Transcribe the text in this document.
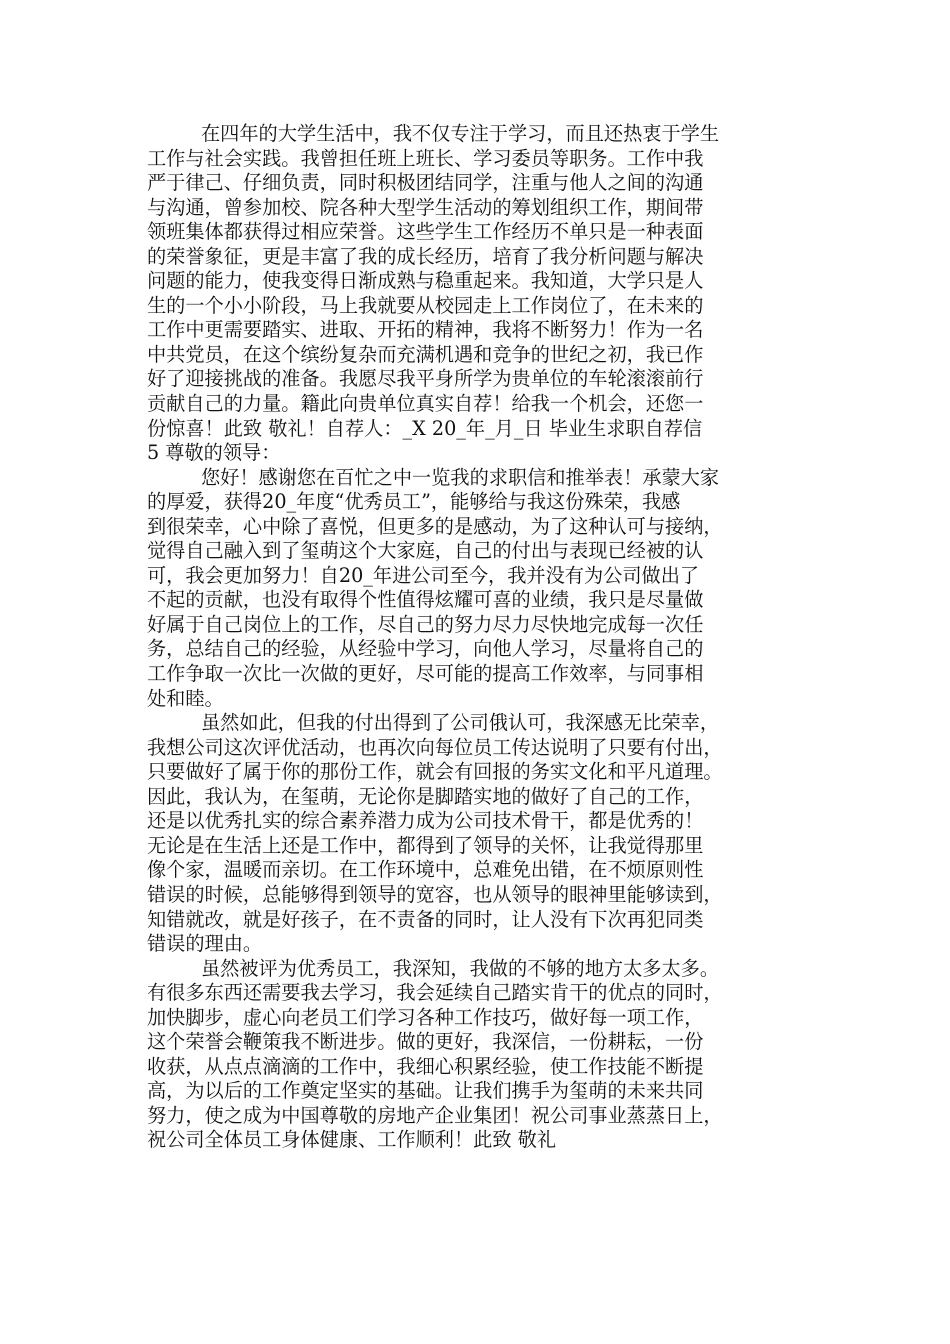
在四年的大学生活中，我不仅专注于学习，而且还热衷于学生
工作与社会实践。我曾担任班上班长、学习委员等职务。工作中我
严于律己、仔细负责，同时积极团结同学，注重与他人之间的沟通
与沟通，曾参加校、院各种大型学生活动的筹划组织工作，期间带
领班集体都获得过相应荣誉。这些学生工作经历不单只是一种表面
的荣誉象征，更是丰富了我的成长经历，培育了我分析问题与解决
问题的能力，使我变得日渐成熟与稳重起来。我知道，大学只是人
生的一个小小阶段，马上我就要从校园走上工作岗位了，在未来的
工作中更需要踏实、进取、开拓的精神，我将不断努力！作为一名
中共党员，在这个缤纷复杂而充满机遇和竞争的世纪之初，我已作
好了迎接挑战的准备。我愿尽我平身所学为贵单位的车轮滚滚前行
贡献自己的力量。籍此向贵单位真实自荐！给我一个机会，还您一
份惊喜！此致 敬礼！自荐人：_X 20_年_月_日 毕业生求职自荐信
5 尊敬的领导：
您好！感谢您在百忙之中一览我的求职信和推举表！承蒙大家
的厚爱，获得20_年度“优秀员工”，能够给与我这份殊荣，我感
到很荣幸，心中除了喜悦，但更多的是感动，为了这种认可与接纳，
觉得自己融入到了玺萌这个大家庭，自己的付出与表现已经被的认
可，我会更加努力！自20_年进公司至今，我并没有为公司做出了
不起的贡献，也没有取得个性值得炫耀可喜的业绩，我只是尽量做
好属于自己岗位上的工作，尽自己的努力尽力尽快地完成每一次任
务，总结自己的经验，从经验中学习，向他人学习，尽量将自己的
工作争取一次比一次做的更好，尽可能的提高工作效率，与同事相
处和睦。
虽然如此，但我的付出得到了公司俄认可，我深感无比荣幸，
我想公司这次评优活动，也再次向每位员工传达说明了只要有付出，
只要做好了属于你的那份工作，就会有回报的务实文化和平凡道理。
因此，我认为，在玺萌，无论你是脚踏实地的做好了自己的工作，
还是以优秀扎实的综合素养潜力成为公司技术骨干，都是优秀的！
无论是在生活上还是工作中，都得到了领导的关怀，让我觉得那里
像个家，温暖而亲切。在工作环境中，总难免出错，在不烦原则性
错误的时候，总能够得到领导的宽容，也从领导的眼神里能够读到，
知错就改，就是好孩子，在不责备的同时，让人没有下次再犯同类
错误的理由。
虽然被评为优秀员工，我深知，我做的不够的地方太多太多。
有很多东西还需要我去学习，我会延续自己踏实肯干的优点的同时，
加快脚步，虚心向老员工们学习各种工作技巧，做好每一项工作，
这个荣誉会鞭策我不断进步。做的更好，我深信，一份耕耘，一份
收获，从点点滴滴的工作中，我细心积累经验，使工作技能不断提
高，为以后的工作奠定坚实的基础。让我们携手为玺萌的未来共同
努力，使之成为中国尊敬的房地产企业集团！祝公司事业蒸蒸日上，
祝公司全体员工身体健康、工作顺利！此致 敬礼
